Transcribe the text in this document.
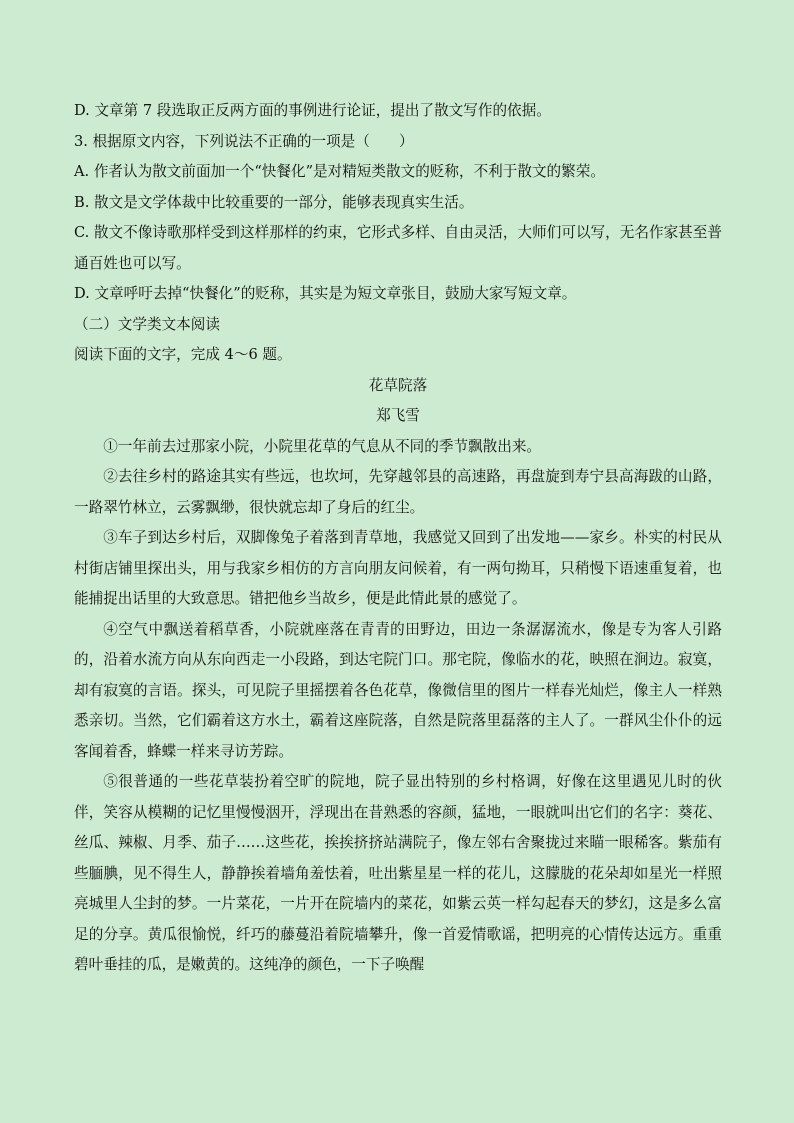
D. 文章第 7 段选取正反两方面的事例进行论证，提出了散文写作的依据。

3. 根据原文内容，下列说法不正确的一项是（　　）

A. 作者认为散文前面加一个“快餐化”是对精短类散文的贬称，不利于散文的繁荣。

B. 散文是文学体裁中比较重要的一部分，能够表现真实生活。

C. 散文不像诗歌那样受到这样那样的约束，它形式多样、自由灵活，大师们可以写，无名作家甚至普通百姓也可以写。

D. 文章呼吁去掉“快餐化”的贬称，其实是为短文章张目，鼓励大家写短文章。

（二）文学类文本阅读

阅读下面的文字，完成 4～6 题。

花草院落

郑飞雪

①一年前去过那家小院，小院里花草的气息从不同的季节飘散出来。

②去往乡村的路途其实有些远，也坎坷，先穿越邻县的高速路，再盘旋到寿宁县高海跋的山路，一路翠竹林立，云雾飘缈，很快就忘却了身后的红尘。

③车子到达乡村后，双脚像兔子着落到青草地，我感觉又回到了出发地——家乡。朴实的村民从村街店铺里探出头，用与我家乡相仿的方言向朋友问候着，有一两句拗耳，只稍慢下语速重复着，也能捕捉出话里的大致意思。错把他乡当故乡，便是此情此景的感觉了。

④空气中飘送着稻草香，小院就座落在青青的田野边，田边一条潺潺流水，像是专为客人引路的，沿着水流方向从东向西走一小段路，到达宅院门口。那宅院，像临水的花，映照在涧边。寂寞，却有寂寞的言语。探头，可见院子里摇摆着各色花草，像微信里的图片一样春光灿烂，像主人一样熟悉亲切。当然，它们霸着这方水土，霸着这座院落，自然是院落里磊落的主人了。一群风尘仆仆的远客闻着香，蜂蝶一样来寻访芳踪。

⑤很普通的一些花草装扮着空旷的院地，院子显出特别的乡村格调，好像在这里遇见儿时的伙伴，笑容从模糊的记忆里慢慢洇开，浮现出在昔熟悉的容颜，猛地，一眼就叫出它们的名字：葵花、丝瓜、辣椒、月季、茄子……这些花，挨挨挤挤站满院子，像左邻右舍聚拢过来瞄一眼稀客。紫茄有些腼腆，见不得生人，静静挨着墙角羞怯着，吐出紫星星一样的花儿，这朦胧的花朵却如星光一样照亮城里人尘封的梦。一片菜花，一片开在院墙内的菜花，如紫云英一样勾起春天的梦幻，这是多么富足的分享。黄瓜很愉悦，纤巧的藤蔓沿着院墙攀升，像一首爱情歌谣，把明亮的心情传达远方。重重碧叶垂挂的瓜，是嫩黄的。这纯净的颜色，一下子唤醒
